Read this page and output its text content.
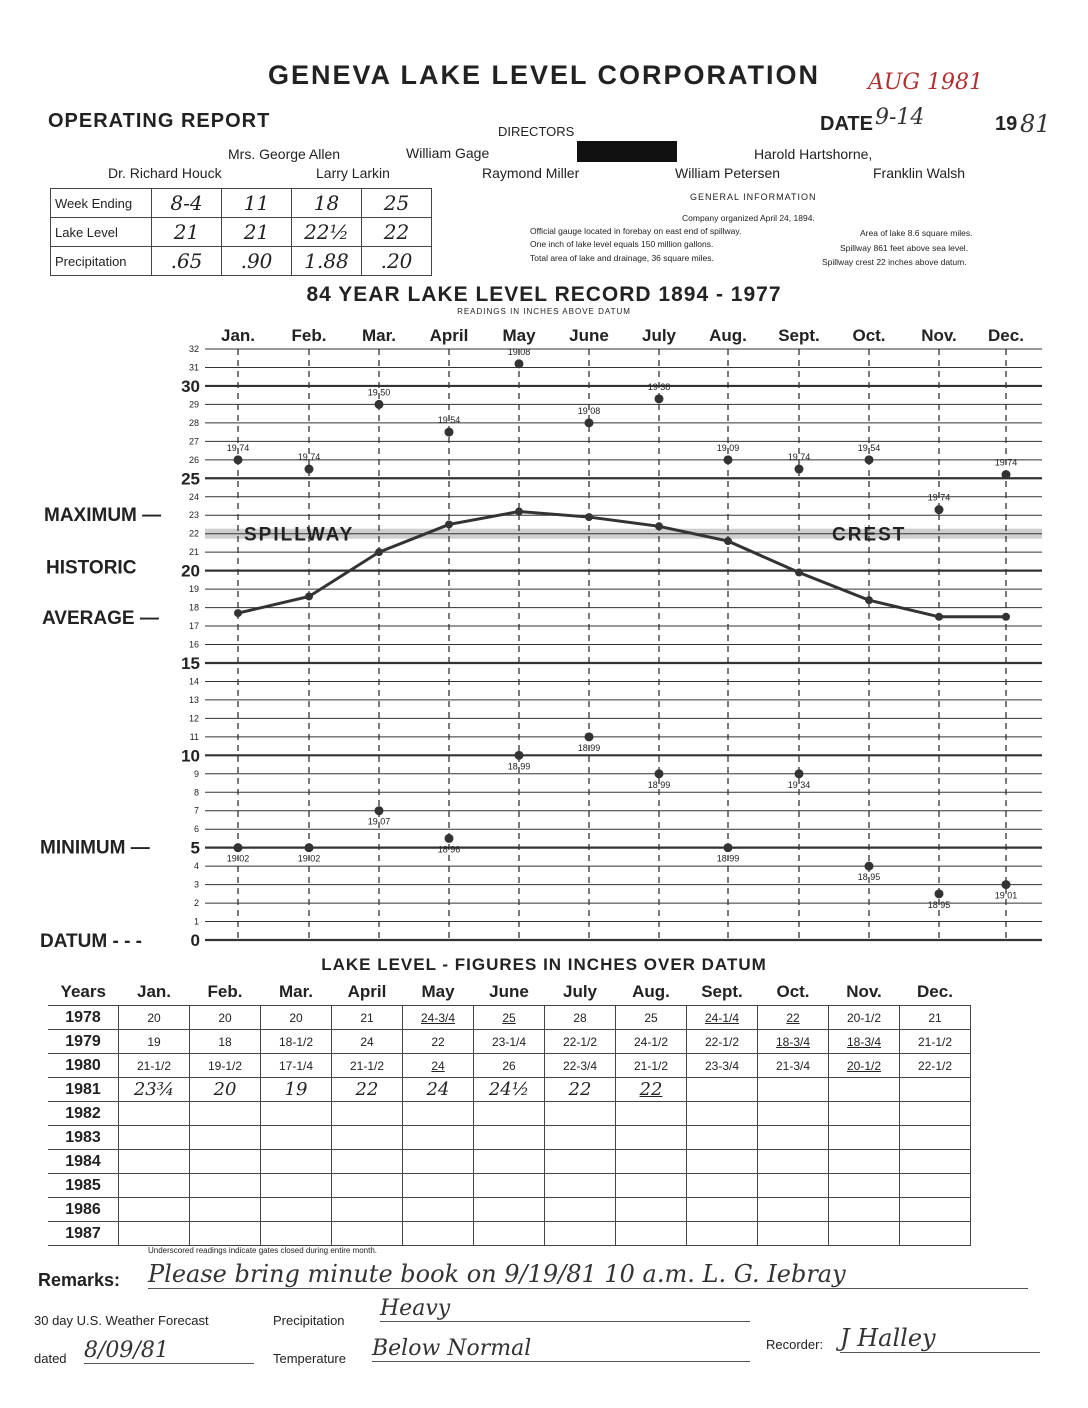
GENEVA LAKE LEVEL CORPORATION	AUG 1981
OPERATING REPORT	DIRECTORS	DATE 9-14	19 81
Mrs. George Allen	William Gage	Harold Hartshorne,
Dr. Richard Houck	Larry Larkin	Raymond Miller	William Petersen	Franklin Walsh
Week Ending	8-4	11	18	25
Lake Level	21	21	22½	22
Precipitation	.65	.90	1.88	.20
GENERAL INFORMATION
Company organized April 24, 1894.
Official gauge located in forebay on east end of spillway.	Area of lake 8.6 square miles.
One inch of lake level equals 150 million gallons.	Spillway 861 feet above sea level.
Total area of lake and drainage, 36 square miles.	Spillway crest 22 inches above datum.
84 YEAR LAKE LEVEL RECORD 1894 - 1977
READINGS IN INCHES ABOVE DATUM
1
2
3
4
6
7
8
9
11
12
13
14
16
17
18
19
21
22
23
24
26
27
28
29
31
32
0
5
10
15
20
25
30
Jan. Feb. Mar. April May June July Aug. Sept. Oct. Nov. Dec.
MAXIMUM —
HISTORIC
AVERAGE —
MINIMUM —
DATUM - - -
SPILLWAY	CREST
19 74
19 74
19 50
19 54
19 08
19 08
19 38
19 09
19 74
19 54
19 74
19 74
19 02	19 02
19 07
18 96
18 99
18 99
18 99
18 99
19 34
18 95
18 95
19 01
LAKE LEVEL - FIGURES IN INCHES OVER DATUM
Years	Jan.	Feb.	Mar.	April	May	June	July	Aug.	Sept.	Oct.	Nov.	Dec.
1978	20	20	20	21	24-3/4	25	28	25	24-1/4	22	20-1/2	21
1979	19	18	18-1/2	24	22	23-1/4	22-1/2	24-1/2	22-1/2	18-3/4	18-3/4	21-1/2
1980	21-1/2	19-1/2	17-1/4	21-1/2	24	26	22-3/4	21-1/2	23-3/4	21-3/4	20-1/2	22-1/2
1981	23¾	20	19	22	24	24½	22	22				
1982												
1983												
1984												
1985												
1986												
1987												
Underscored readings indicate gates closed during entire month.
Remarks: Please bring minute book on 9/19/81 10 a.m. L. G. Iebray
30 day U.S. Weather Forecast	Precipitation Heavy
dated 8/09/81	Temperature Below Normal	Recorder: J Halley
